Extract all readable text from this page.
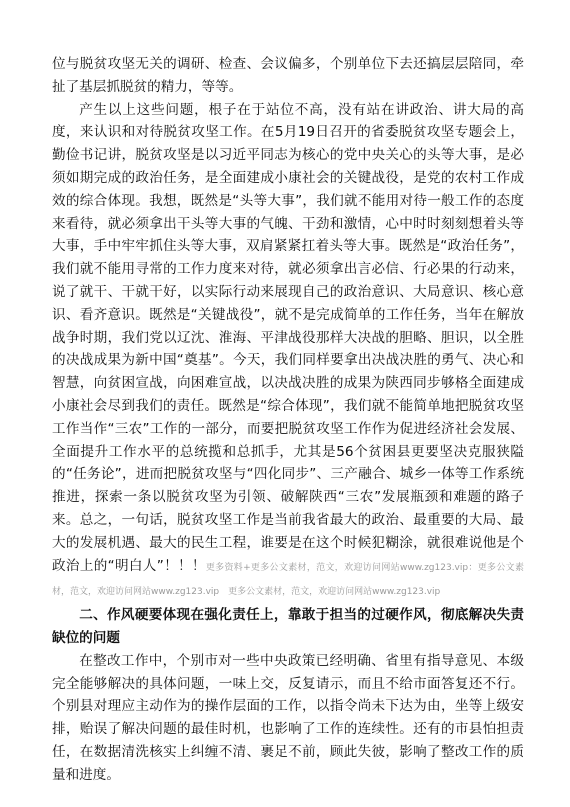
位与脱贫攻坚无关的调研、检查、会议偏多，个别单位下去还搞层层陪同，牵扯了基层抓脱贫的精力，等等。

产生以上这些问题，根子在于站位不高，没有站在讲政治、讲大局的高度，来认识和对待脱贫攻坚工作。在5月19日召开的省委脱贫攻坚专题会上，勤俭书记讲，脱贫攻坚是以习近平同志为核心的党中央关心的头等大事，是必须如期完成的政治任务，是全面建成小康社会的关键战役，是党的农村工作成效的综合体现。我想，既然是“头等大事”，我们就不能用对待一般工作的态度来看待，就必须拿出干头等大事的气魄、干劲和激情，心中时时刻刻想着头等大事，手中牢牢抓住头等大事，双肩紧紧扛着头等大事。既然是“政治任务”，我们就不能用寻常的工作力度来对待，就必须拿出言必信、行必果的行动来，说了就干、干就干好，以实际行动来展现自己的政治意识、大局意识、核心意识、看齐意识。既然是“关键战役”，就不是完成简单的工作任务，当年在解放战争时期，我们党以辽沈、淮海、平津战役那样大决战的胆略、胆识，以全胜的决战成果为新中国“奠基”。今天，我们同样要拿出决战决胜的勇气、决心和智慧，向贫困宣战，向困难宣战，以决战决胜的成果为陕西同步够格全面建成小康社会尽到我们的责任。既然是“综合体现”，我们就不能简单地把脱贫攻坚工作当作“三农”工作的一部分，而要把脱贫攻坚工作作为促进经济社会发展、全面提升工作水平的总统揽和总抓手，尤其是56个贫困县更要坚决克服狭隘的“任务论”，进而把脱贫攻坚与“四化同步”、三产融合、城乡一体等工作系统推进，探索一条以脱贫攻坚为引领、破解陕西“三农”发展瓶颈和难题的路子来。总之，一句话，脱贫攻坚工作是当前我省最大的政治、最重要的大局、最大的发展机遇、最大的民生工程，谁要是在这个时候犯糊涂，就很难说他是个政治上的“明白人”！！！更多资料+更多公文素材，范文，欢迎访问网站www.zg123.vip：更多公文素材，范文，欢迎访问网站www.zg123.vip　更多公文素材，范文，欢迎访问网站www.zg123.vip

二、作风硬要体现在强化责任上，靠敢于担当的过硬作风，彻底解决失责缺位的问题

在整改工作中，个别市对一些中央政策已经明确、省里有指导意见、本级完全能够解决的具体问题，一味上交，反复请示，而且不给市面答复还不行。个别县对理应主动作为的操作层面的工作，以指令尚未下达为由，坐等上级安排，贻误了解决问题的最佳时机，也影响了工作的连续性。还有的市县怕担责任，在数据清洗核实上纠缠不清、裹足不前，顾此失彼，影响了整改工作的质量和进度。
